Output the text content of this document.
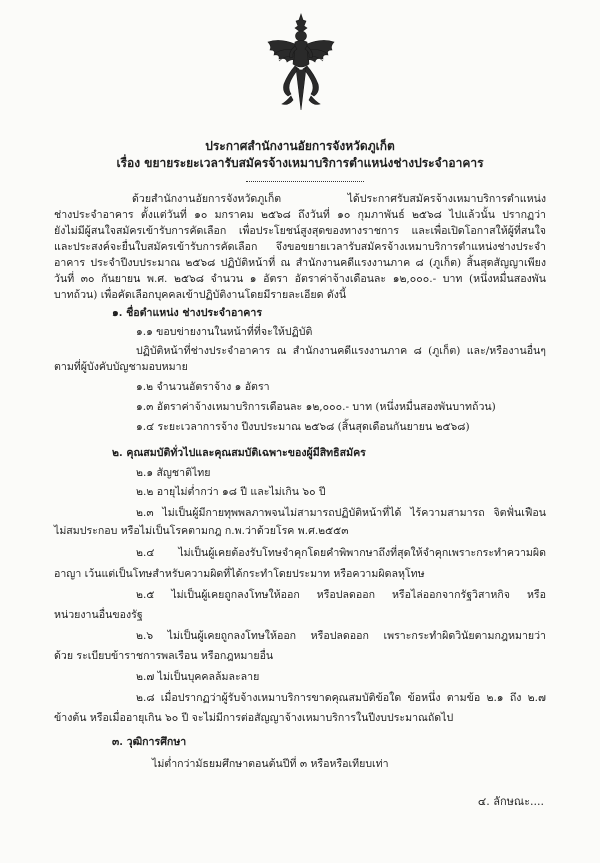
ประกาศสำนักงานอัยการจังหวัดภูเก็ต
เรื่อง ขยายระยะเวลารับสมัครจ้างเหมาบริการตำแหน่งช่างประจำอาคาร
ด้วยสำนักงานอัยการจังหวัดภูเก็ต ได้ประกาศรับสมัครจ้างเหมาบริการตำแหน่ง
ช่างประจำอาคาร ตั้งแต่วันที่ ๑๐ มกราคม ๒๕๖๘ ถึงวันที่ ๑๐ กุมภาพันธ์ ๒๕๖๘ ไปแล้วนั้น ปรากฏว่า
ยังไม่มีผู้สนใจสมัครเข้ารับการคัดเลือก เพื่อประโยชน์สูงสุดของทางราชการ และเพื่อเปิดโอกาสให้ผู้ที่สนใจ
และประสงค์จะยื่นใบสมัครเข้ารับการคัดเลือก จึงขอขยายเวลารับสมัครจ้างเหมาบริการตำแหน่งช่างประจำ
อาคาร ประจำปีงบประมาณ ๒๕๖๘ ปฏิบัติหน้าที่ ณ สำนักงานคดีแรงงานภาค ๘ (ภูเก็ต) สิ้นสุดสัญญาเพียง
วันที่ ๓๐ กันยายน พ.ศ. ๒๕๖๘ จำนวน ๑ อัตรา อัตราค่าจ้างเดือนละ ๑๒,๐๐๐.- บาท (หนึ่งหมื่นสองพัน
บาทถ้วน) เพื่อคัดเลือกบุคคลเข้าปฏิบัติงานโดยมีรายละเอียด ดังนี้
๑. ชื่อตำแหน่ง ช่างประจำอาคาร
๑.๑ ขอบข่ายงานในหน้าที่ที่จะให้ปฏิบัติ
ปฏิบัติหน้าที่ช่างประจำอาคาร ณ สำนักงานคดีแรงงานภาค ๘ (ภูเก็ต) และ/หรืองานอื่นๆ
ตามที่ผู้บังคับบัญชามอบหมาย
๑.๒ จำนวนอัตราจ้าง ๑ อัตรา
๑.๓ อัตราค่าจ้างเหมาบริการเดือนละ ๑๒,๐๐๐.- บาท (หนึ่งหมื่นสองพันบาทถ้วน)
๑.๔ ระยะเวลาการจ้าง ปีงบประมาณ ๒๕๖๘ (สิ้นสุดเดือนกันยายน ๒๕๖๘)
๒. คุณสมบัติทั่วไปและคุณสมบัติเฉพาะของผู้มีสิทธิสมัคร
๒.๑ สัญชาติไทย
๒.๒ อายุไม่ต่ำกว่า ๑๘ ปี และไม่เกิน ๖๐ ปี
๒.๓ ไม่เป็นผู้มีกายทุพพลภาพจนไม่สามารถปฏิบัติหน้าที่ได้ ไร้ความสามารถ จิตฟั่นเฟือน
ไม่สมประกอบ หรือไม่เป็นโรคตามกฎ ก.พ.ว่าด้วยโรค พ.ศ.๒๕๕๓
๒.๔ ไม่เป็นผู้เคยต้องรับโทษจำคุกโดยคำพิพากษาถึงที่สุดให้จำคุกเพราะกระทำความผิด
อาญา เว้นแต่เป็นโทษสำหรับความผิดที่ได้กระทำโดยประมาท หรือความผิดลหุโทษ
๒.๕ ไม่เป็นผู้เคยถูกลงโทษให้ออก หรือปลดออก หรือไล่ออกจากรัฐวิสาหกิจ หรือ
หน่วยงานอื่นของรัฐ
๒.๖ ไม่เป็นผู้เคยถูกลงโทษให้ออก หรือปลดออก เพราะกระทำผิดวินัยตามกฎหมายว่า
ด้วย ระเบียบข้าราชการพลเรือน หรือกฎหมายอื่น
๒.๗ ไม่เป็นบุคคลล้มละลาย
๒.๘ เมื่อปรากฏว่าผู้รับจ้างเหมาบริการขาดคุณสมบัติข้อใด ข้อหนึ่ง ตามข้อ ๒.๑ ถึง ๒.๗
ข้างต้น หรือเมื่ออายุเกิน ๖๐ ปี จะไม่มีการต่อสัญญาจ้างเหมาบริการในปีงบประมาณถัดไป
๓. วุฒิการศึกษา
ไม่ต่ำกว่ามัธยมศึกษาตอนต้นปีที่ ๓ หรือหรือเทียบเท่า
๔. ลักษณะ....
